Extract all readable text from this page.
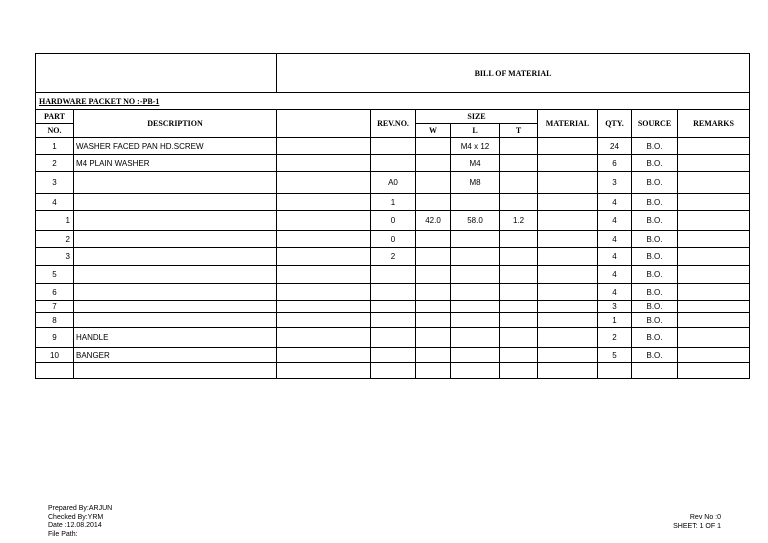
		BILL OF MATERIAL								
HARDWARE PACKET NO :-PB-1										
PART	DESCRIPTION		REV.NO.	SIZE			MATERIAL	QTY.	SOURCE	REMARKS
NO.				W	L	T				
1	WASHER FACED PAN HD.SCREW				M4 x 12			24	B.O.	
2	M4 PLAIN WASHER				M4			6	B.O.	
3			A0		M8			3	B.O.	
4			1					4	B.O.	
1			0	42.0	58.0	1.2		4	B.O.	
2			0					4	B.O.	
3			2					4	B.O.	
5								4	B.O.	
6								4	B.O.	
7								3	B.O.	
8								1	B.O.	
9	HANDLE							2	B.O.	
10	BANGER							5	B.O.	

Prepared By:ARJUN
Checked By:YRM
Date :12.08.2014
File Path:
Rev No :0
SHEET: 1 OF 1
